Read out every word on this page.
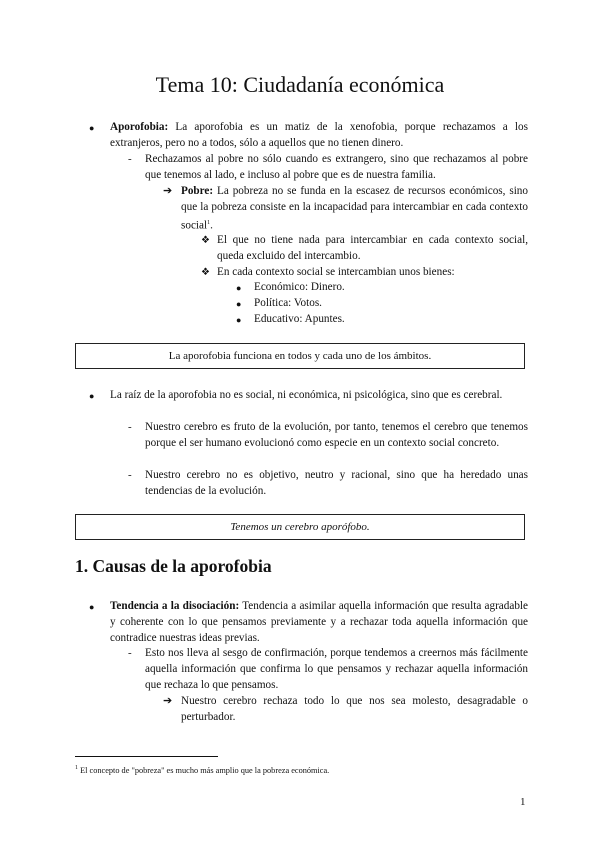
Tema 10: Ciudadanía económica
● Aporofobia: La aporofobia es un matiz de la xenofobia, porque rechazamos a los extranjeros, pero no a todos, sólo a aquellos que no tienen dinero.

- Rechazamos al pobre no sólo cuando es extrangero, sino que rechazamos al pobre que tenemos al lado, e incluso al pobre que es de nuestra familia.

➔ Pobre: La pobreza no se funda en la escasez de recursos económicos, sino que la pobreza consiste en la incapacidad para intercambiar en cada contexto social$^1$.

❖ El que no tiene nada para intercambiar en cada contexto social, queda excluido del intercambio.

❖ En cada contexto social se intercambian unos bienes:

● Económico: Dinero.

● Política: Votos.

● Educativo: Apuntes.

La aporofobia funciona en todos y cada uno de los ámbitos.
● La raíz de la aporofobia no es social, ni económica, ni psicológica, sino que es cerebral.

- Nuestro cerebro es fruto de la evolución, por tanto, tenemos el cerebro que tenemos porque el ser humano evolucionó como especie en un contexto social concreto.

- Nuestro cerebro no es objetivo, neutro y racional, sino que ha heredado unas tendencias de la evolución.

Tenemos un cerebro aporófobo.
1. Causas de la aporofobia
● Tendencia a la disociación: Tendencia a asimilar aquella información que resulta agradable y coherente con lo que pensamos previamente y a rechazar toda aquella información que contradice nuestras ideas previas.

- Esto nos lleva al sesgo de confirmación, porque tendemos a creernos más fácilmente aquella información que confirma lo que pensamos y rechazar aquella información que rechaza lo que pensamos.

➔ Nuestro cerebro rechaza todo lo que nos sea molesto, desagradable o perturbador.

$^1$ El concepto de "pobreza" es mucho más amplio que la pobreza económica.
1
